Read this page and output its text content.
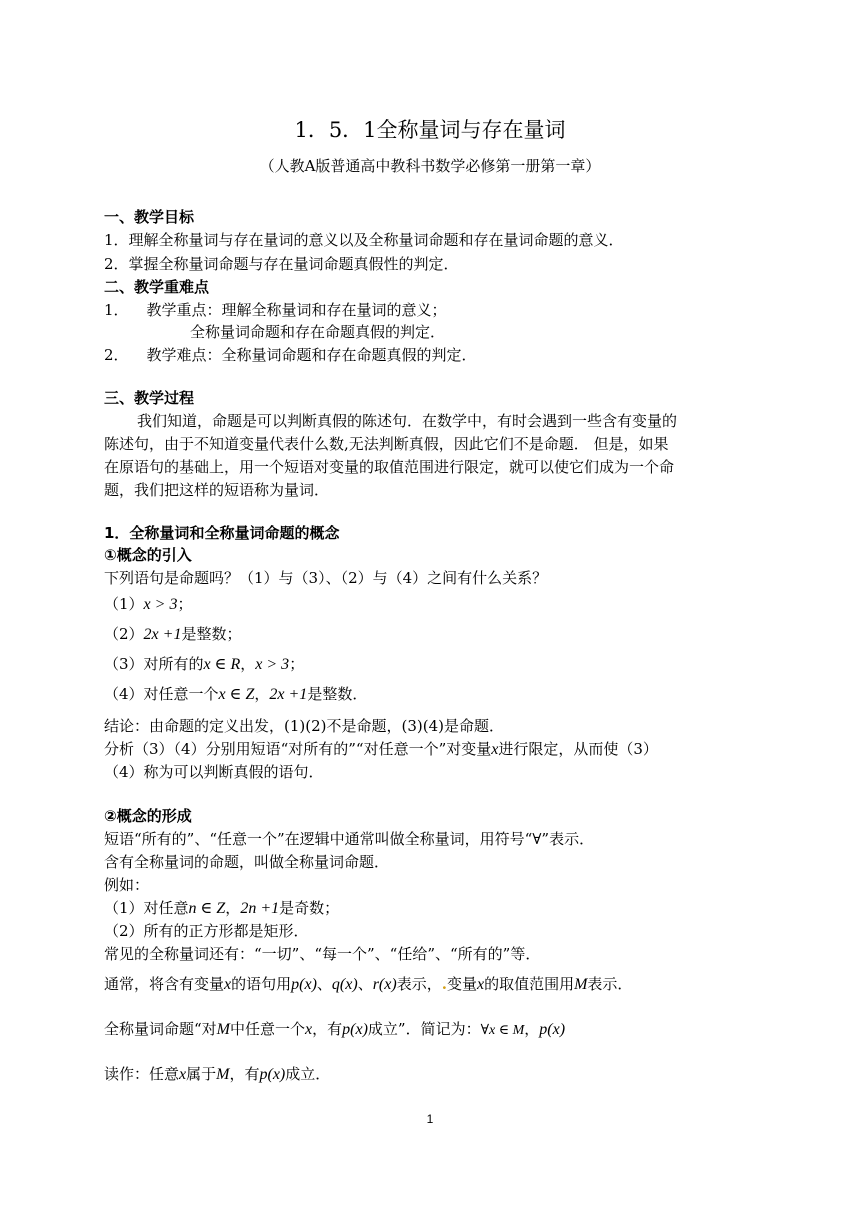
1．5．1全称量词与存在量词
（人教A版普通高中教科书数学必修第一册第一章）
一、教学目标
1．理解全称量词与存在量词的意义以及全称量词命题和存在量词命题的意义．
2．掌握全称量词命题与存在量词命题真假性的判定．
二、教学重难点
1． 教学重点：理解全称量词和存在量词的意义；
全称量词命题和存在命题真假的判定．
2． 教学难点：全称量词命题和存在命题真假的判定．
三、教学过程
我们知道，命题是可以判断真假的陈述句．在数学中，有时会遇到一些含有变量的
陈述句，由于不知道变量代表什么数,无法判断真假，因此它们不是命题． 但是，如果
在原语句的基础上，用一个短语对变量的取值范围进行限定，就可以使它们成为一个命
题，我们把这样的短语称为量词．
1．全称量词和全称量词命题的概念
①概念的引入
下列语句是命题吗？（1）与（3）、（2）与（4）之间有什么关系？
（1）x > 3；
（2）2x +1是整数；
（3）对所有的x ∈ R，x > 3；
（4）对任意一个x ∈ Z，2x +1是整数．
结论：由命题的定义出发，(1)(2)不是命题，(3)(4)是命题．
分析（3）（4）分别用短语“对所有的”“对任意一个”对变量x进行限定，从而使（3）
（4）称为可以判断真假的语句．
②概念的形成
短语“所有的”、“任意一个”在逻辑中通常叫做全称量词，用符号“∀”表示．
含有全称量词的命题，叫做全称量词命题．
例如：
（1）对任意n ∈ Z，2n +1是奇数；
（2）所有的正方形都是矩形．
常见的全称量词还有：“一切”、“每一个”、“任给”、“所有的”等．
通常，将含有变量x的语句用p(x)、q(x)、r(x)表示，.变量x的取值范围用M表示．
全称量词命题“对M中任意一个x，有p(x)成立”．简记为：∀x ∈ M，p(x)
读作：任意x属于M，有p(x)成立．
1
